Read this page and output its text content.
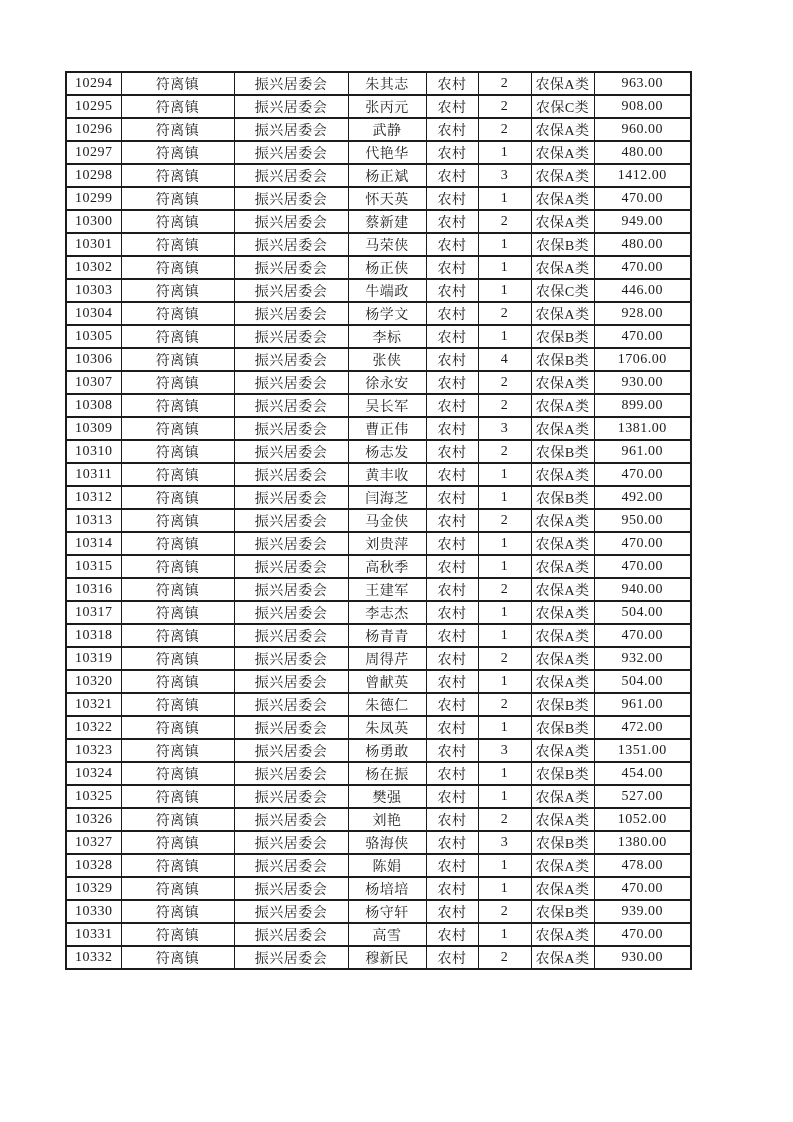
10294	符离镇	振兴居委会	朱其志	农村	2	农保A类	963.00
10295	符离镇	振兴居委会	张丙元	农村	2	农保C类	908.00
10296	符离镇	振兴居委会	武静	农村	2	农保A类	960.00
10297	符离镇	振兴居委会	代艳华	农村	1	农保A类	480.00
10298	符离镇	振兴居委会	杨正斌	农村	3	农保A类	1412.00
10299	符离镇	振兴居委会	怀天英	农村	1	农保A类	470.00
10300	符离镇	振兴居委会	蔡新建	农村	2	农保A类	949.00
10301	符离镇	振兴居委会	马荣侠	农村	1	农保B类	480.00
10302	符离镇	振兴居委会	杨正侠	农村	1	农保A类	470.00
10303	符离镇	振兴居委会	牛端政	农村	1	农保C类	446.00
10304	符离镇	振兴居委会	杨学文	农村	2	农保A类	928.00
10305	符离镇	振兴居委会	李标	农村	1	农保B类	470.00
10306	符离镇	振兴居委会	张侠	农村	4	农保B类	1706.00
10307	符离镇	振兴居委会	徐永安	农村	2	农保A类	930.00
10308	符离镇	振兴居委会	吴长军	农村	2	农保A类	899.00
10309	符离镇	振兴居委会	曹正伟	农村	3	农保A类	1381.00
10310	符离镇	振兴居委会	杨志发	农村	2	农保B类	961.00
10311	符离镇	振兴居委会	黄丰收	农村	1	农保A类	470.00
10312	符离镇	振兴居委会	闫海芝	农村	1	农保B类	492.00
10313	符离镇	振兴居委会	马金侠	农村	2	农保A类	950.00
10314	符离镇	振兴居委会	刘贵萍	农村	1	农保A类	470.00
10315	符离镇	振兴居委会	高秋季	农村	1	农保A类	470.00
10316	符离镇	振兴居委会	王建军	农村	2	农保A类	940.00
10317	符离镇	振兴居委会	李志杰	农村	1	农保A类	504.00
10318	符离镇	振兴居委会	杨青青	农村	1	农保A类	470.00
10319	符离镇	振兴居委会	周得芹	农村	2	农保A类	932.00
10320	符离镇	振兴居委会	曾献英	农村	1	农保A类	504.00
10321	符离镇	振兴居委会	朱德仁	农村	2	农保B类	961.00
10322	符离镇	振兴居委会	朱凤英	农村	1	农保B类	472.00
10323	符离镇	振兴居委会	杨勇敢	农村	3	农保A类	1351.00
10324	符离镇	振兴居委会	杨在振	农村	1	农保B类	454.00
10325	符离镇	振兴居委会	樊强	农村	1	农保A类	527.00
10326	符离镇	振兴居委会	刘艳	农村	2	农保A类	1052.00
10327	符离镇	振兴居委会	骆海侠	农村	3	农保B类	1380.00
10328	符离镇	振兴居委会	陈娟	农村	1	农保A类	478.00
10329	符离镇	振兴居委会	杨培培	农村	1	农保A类	470.00
10330	符离镇	振兴居委会	杨守轩	农村	2	农保B类	939.00
10331	符离镇	振兴居委会	高雪	农村	1	农保A类	470.00
10332	符离镇	振兴居委会	穆新民	农村	2	农保A类	930.00
